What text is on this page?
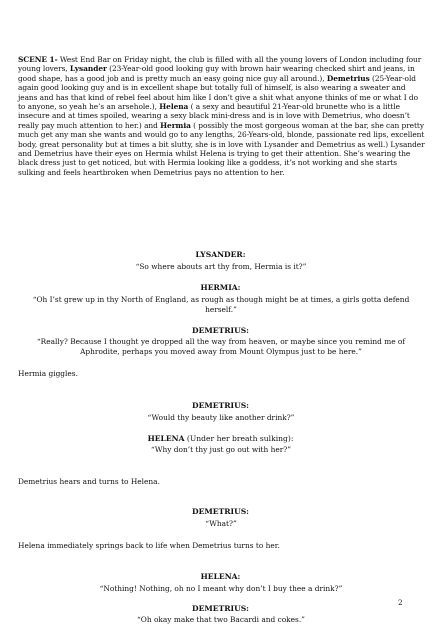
SCENE 1- West End Bar on Friday night, the club is filled with all the young lovers of London including four young lovers, Lysander (23-Year-old good looking guy with brown hair wearing checked shirt and jeans, in good shape, has a good job and is pretty much an easy going nice guy all around.), Demetrius (25-Year-old again good looking guy and is in excellent shape but totally full of himself, is also wearing a sweater and jeans and has that kind of rebel feel about him like I don’t give a shit what anyone thinks of me or what I do to anyone, so yeah he’s an arsehole.), Helena ( a sexy and beautiful 21-Year-old brunette who is a little insecure and at times spoiled, wearing a sexy black mini-dress and is in love with Demetrius, who doesn’t really pay much attention to her.) and Hermia ( possibly the most gorgeous woman at the bar, she can pretty much get any man she wants and would go to any lengths, 26-Years-old, blonde, passionate red lips, excellent body, great personality but at times a bit slutty, she is in love with Lysander and Demetrius as well.) Lysander and Demetrius have their eyes on Hermia whilst Helena is trying to get their attention. She’s wearing the black dress just to get noticed, but with Hermia looking like a goddess, it’s not working and she starts sulking and feels heartbroken when Demetrius pays no attention to her.
LYSANDER:
“So where abouts art thy from, Hermia is it?”
HERMIA:
“Oh I’st grew up in thy North of England, as rough as though might be at times, a girls gotta defend herself.”
DEMETRIUS:
“Really? Because I thought ye dropped all the way from heaven, or maybe since you remind me of Aphrodite, perhaps you moved away from Mount Olympus just to be here.”
Hermia giggles.
DEMETRIUS:
“Would thy beauty like another drink?”
HELENA (Under her breath sulking):
“Why don’t thy just go out with her?”
Demetrius hears and turns to Helena.
DEMETRIUS:
“What?”
Helena immediately springs back to life when Demetrius turns to her.
HELENA:
“Nothing! Nothing, oh no I meant why don’t I buy thee a drink?”
DEMETRIUS:
“Oh okay make that two Bacardi and cokes.”
2
